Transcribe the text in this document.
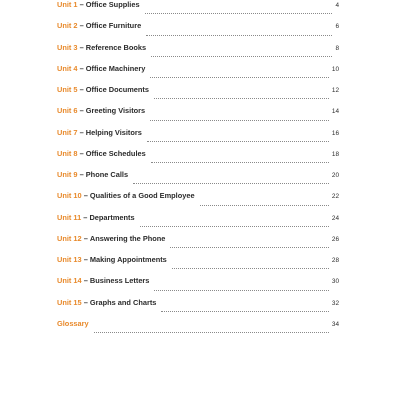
Unit 1 – Office Supplies	4
Unit 2 – Office Furniture	6
Unit 3 – Reference Books	8
Unit 4 – Office Machinery	10
Unit 5 – Office Documents	12
Unit 6 – Greeting Visitors	14
Unit 7 – Helping Visitors	16
Unit 8 – Office Schedules	18
Unit 9 – Phone Calls	20
Unit 10 – Qualities of a Good Employee	22
Unit 11 – Departments	24
Unit 12 – Answering the Phone	26
Unit 13 – Making Appointments	28
Unit 14 – Business Letters	30
Unit 15 – Graphs and Charts	32
Glossary	34
